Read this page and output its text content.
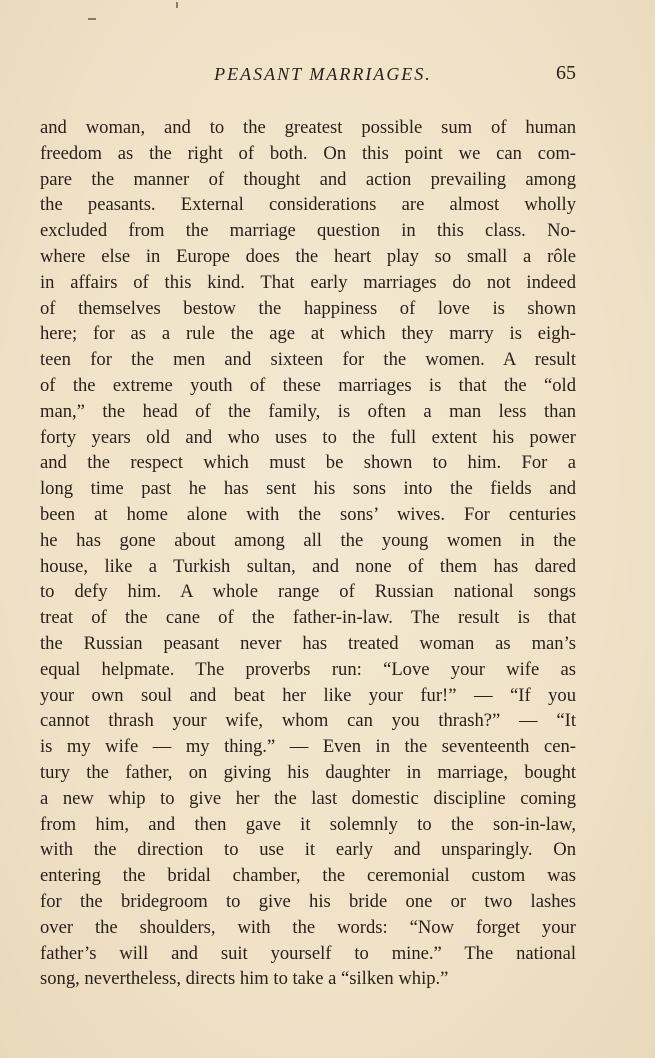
PEASANT MARRIAGES.	65
and woman, and to the greatest possible sum of human
freedom as the right of both. On this point we can com-
pare the manner of thought and action prevailing among
the peasants. External considerations are almost wholly
excluded from the marriage question in this class. No-
where else in Europe does the heart play so small a rôle
in affairs of this kind. That early marriages do not indeed
of themselves bestow the happiness of love is shown
here; for as a rule the age at which they marry is eigh-
teen for the men and sixteen for the women. A result
of the extreme youth of these marriages is that the “old
man,” the head of the family, is often a man less than
forty years old and who uses to the full extent his power
and the respect which must be shown to him. For a
long time past he has sent his sons into the fields and
been at home alone with the sons’ wives. For centuries
he has gone about among all the young women in the
house, like a Turkish sultan, and none of them has dared
to defy him. A whole range of Russian national songs
treat of the cane of the father-in-law. The result is that
the Russian peasant never has treated woman as man’s
equal helpmate. The proverbs run: “Love your wife as
your own soul and beat her like your fur!” — “If you
cannot thrash your wife, whom can you thrash?” — “It
is my wife — my thing.” — Even in the seventeenth cen-
tury the father, on giving his daughter in marriage, bought
a new whip to give her the last domestic discipline coming
from him, and then gave it solemnly to the son-in-law,
with the direction to use it early and unsparingly. On
entering the bridal chamber, the ceremonial custom was
for the bridegroom to give his bride one or two lashes
over the shoulders, with the words: “Now forget your
father’s will and suit yourself to mine.” The national
song, nevertheless, directs him to take a “silken whip.”
